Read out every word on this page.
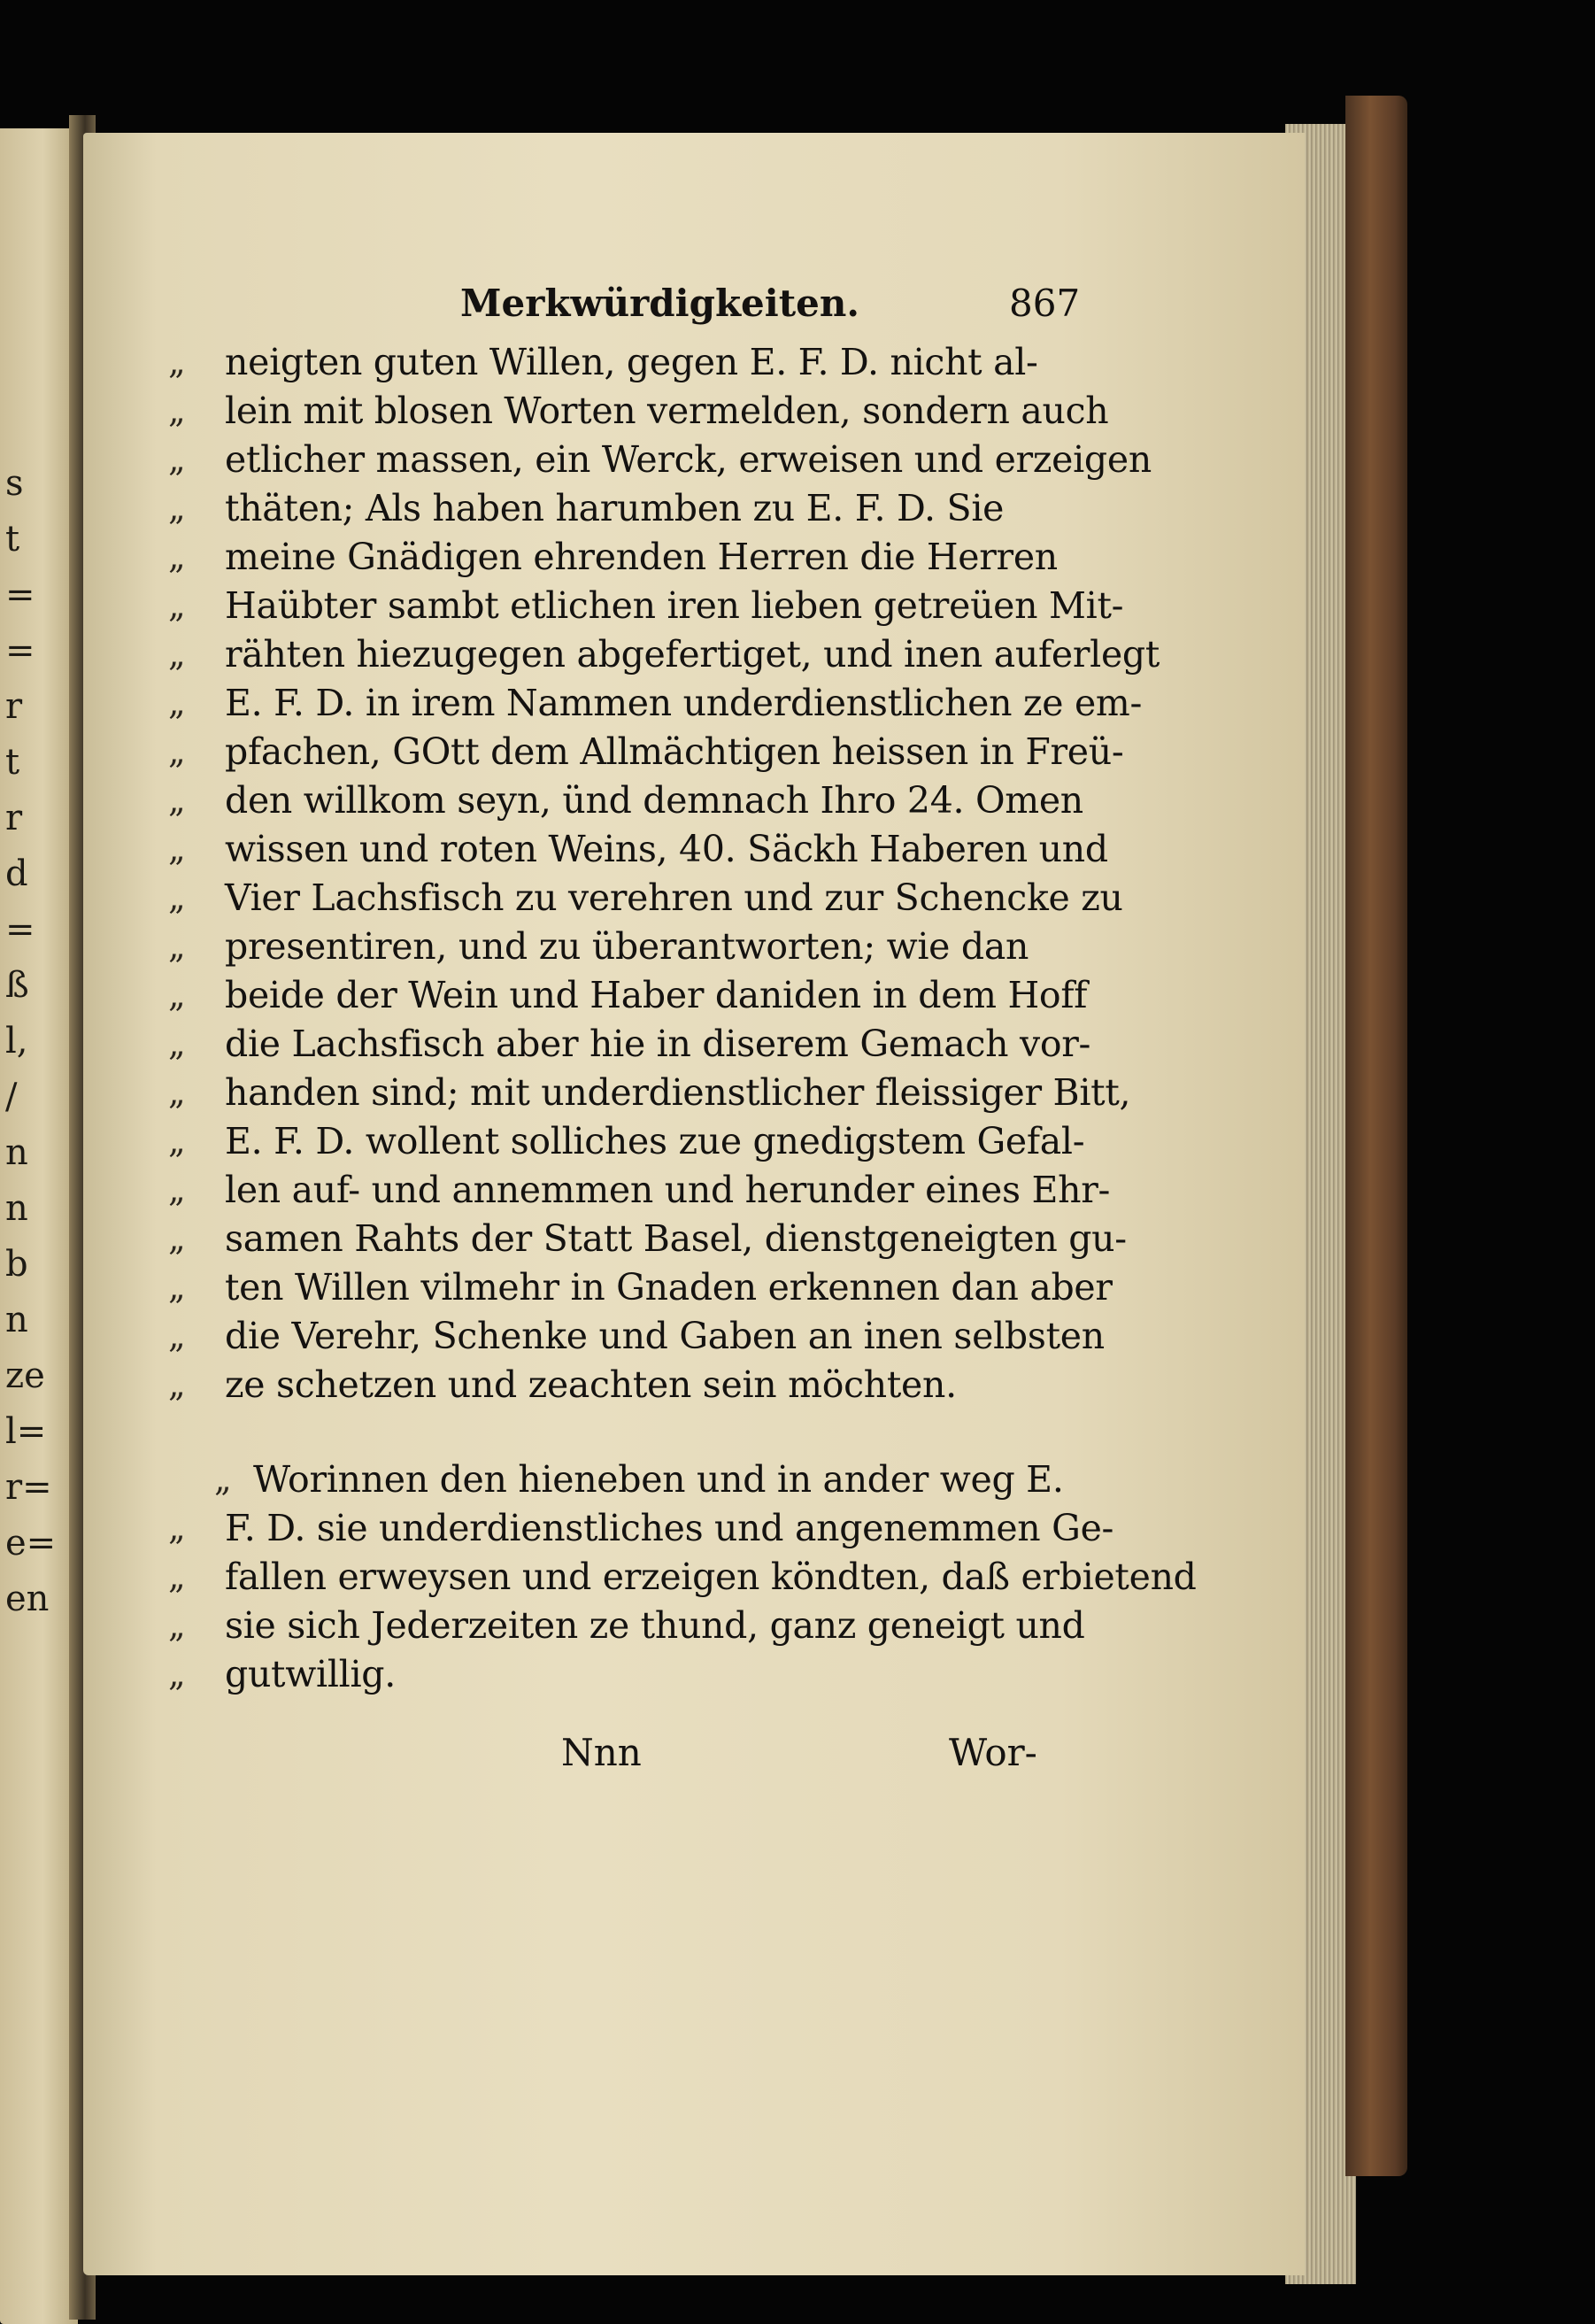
s
t
=
=
r
t
r
d
=
ß
l,
/
n
n
b
n
ze
l=
r=
e=
en
Merkwürdigkeiten.	867
„	neigten guten Willen, gegen E. F. D. nicht al-
„	lein mit blosen Worten vermelden, sondern auch
„	etlicher massen, ein Werck, erweisen und erzeigen
„	thäten; Als haben harumben zu E. F. D. Sie
„	meine Gnädigen ehrenden Herren die Herren
„	Haübter sambt etlichen iren lieben getreüen Mit-
„	rähten hiezugegen abgefertiget, und inen auferlegt
„	E. F. D. in irem Nammen underdienstlichen ze em-
„	pfachen, GOtt dem Allmächtigen heissen in Freü-
„	den willkom seyn, ünd demnach Ihro 24. Omen
„	wissen und roten Weins, 40. Säckh Haberen und
„	Vier Lachsfisch zu verehren und zur Schencke zu
„	presentiren, und zu überantworten; wie dan
„	beide der Wein und Haber daniden in dem Hoff
„	die Lachsfisch aber hie in diserem Gemach vor-
„	handen sind; mit underdienstlicher fleissiger Bitt,
„	E. F. D. wollent solliches zue gnedigstem Gefal-
„	len auf- und annemmen und herunder eines Ehr-
„	samen Rahts der Statt Basel, dienstgeneigten gu-
„	ten Willen vilmehr in Gnaden erkennen dan aber
„	die Verehr, Schenke und Gaben an inen selbsten
„	ze schetzen und zeachten sein möchten.
„ Worinnen den hieneben und in ander weg E.
„	F. D. sie underdienstliches und angenemmen Ge-
„	fallen erweysen und erzeigen köndten, daß erbietend
„	sie sich Jederzeiten ze thund, ganz geneigt und
„	gutwillig.
Nnn	Wor-
